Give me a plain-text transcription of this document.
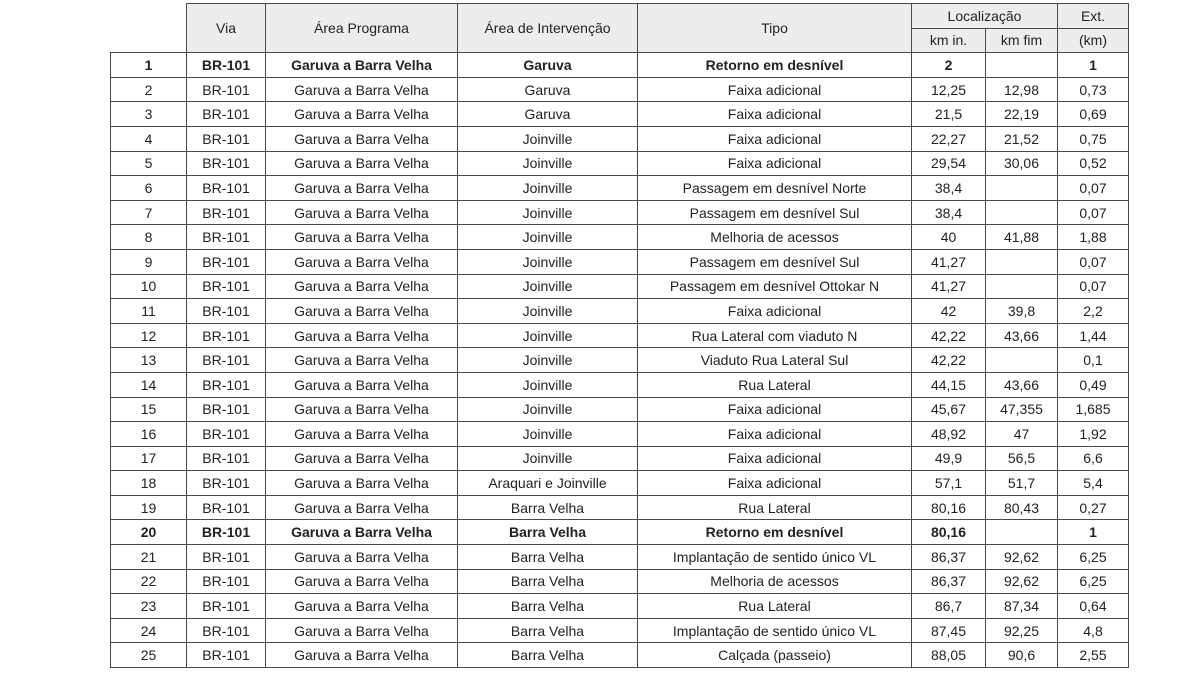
	Via	Área Programa	Área de Intervenção	Tipo	Localização		Ext.
					km in.	km fim	(km)
1	BR-101	Garuva a Barra Velha	Garuva	Retorno em desnível	2		1
2	BR-101	Garuva a Barra Velha	Garuva	Faixa adicional	12,25	12,98	0,73
3	BR-101	Garuva a Barra Velha	Garuva	Faixa adicional	21,5	22,19	0,69
4	BR-101	Garuva a Barra Velha	Joinville	Faixa adicional	22,27	21,52	0,75
5	BR-101	Garuva a Barra Velha	Joinville	Faixa adicional	29,54	30,06	0,52
6	BR-101	Garuva a Barra Velha	Joinville	Passagem em desnível Norte	38,4		0,07
7	BR-101	Garuva a Barra Velha	Joinville	Passagem em desnível Sul	38,4		0,07
8	BR-101	Garuva a Barra Velha	Joinville	Melhoria de acessos	40	41,88	1,88
9	BR-101	Garuva a Barra Velha	Joinville	Passagem em desnível Sul	41,27		0,07
10	BR-101	Garuva a Barra Velha	Joinville	Passagem em desnível Ottokar N	41,27		0,07
11	BR-101	Garuva a Barra Velha	Joinville	Faixa adicional	42	39,8	2,2
12	BR-101	Garuva a Barra Velha	Joinville	Rua Lateral com viaduto N	42,22	43,66	1,44
13	BR-101	Garuva a Barra Velha	Joinville	Viaduto Rua Lateral Sul	42,22		0,1
14	BR-101	Garuva a Barra Velha	Joinville	Rua Lateral	44,15	43,66	0,49
15	BR-101	Garuva a Barra Velha	Joinville	Faixa adicional	45,67	47,355	1,685
16	BR-101	Garuva a Barra Velha	Joinville	Faixa adicional	48,92	47	1,92
17	BR-101	Garuva a Barra Velha	Joinville	Faixa adicional	49,9	56,5	6,6
18	BR-101	Garuva a Barra Velha	Araquari e Joinville	Faixa adicional	57,1	51,7	5,4
19	BR-101	Garuva a Barra Velha	Barra Velha	Rua Lateral	80,16	80,43	0,27
20	BR-101	Garuva a Barra Velha	Barra Velha	Retorno em desnível	80,16		1
21	BR-101	Garuva a Barra Velha	Barra Velha	Implantação de sentido único VL	86,37	92,62	6,25
22	BR-101	Garuva a Barra Velha	Barra Velha	Melhoria de acessos	86,37	92,62	6,25
23	BR-101	Garuva a Barra Velha	Barra Velha	Rua Lateral	86,7	87,34	0,64
24	BR-101	Garuva a Barra Velha	Barra Velha	Implantação de sentido único VL	87,45	92,25	4,8
25	BR-101	Garuva a Barra Velha	Barra Velha	Calçada (passeio)	88,05	90,6	2,55
